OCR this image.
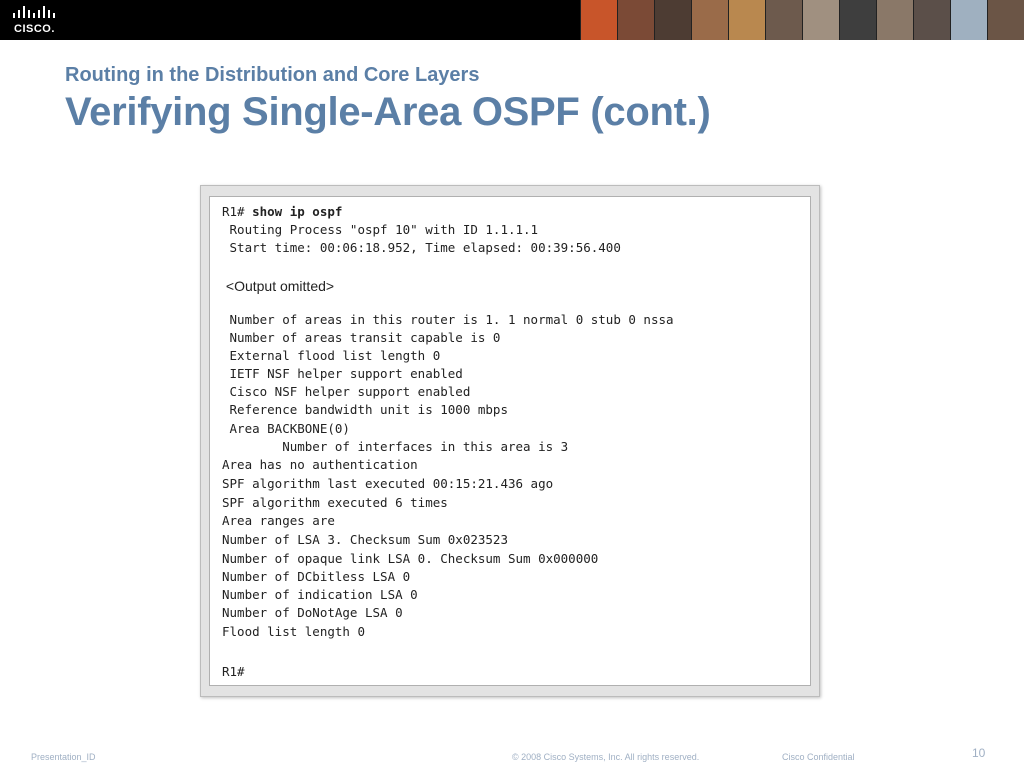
CISCO.
Routing in the Distribution and Core Layers
Verifying Single-Area OSPF (cont.)
R1# show ip ospf
R1#
Routing Process "ospf 10" with ID 1.1.1.1
Start time: 00:06:18.952, Time elapsed: 00:39:56.400
<Output omitted>
Number of areas in this router is 1. 1 normal 0 stub 0 nssa
Number of areas transit capable is 0
External flood list length 0
IETF NSF helper support enabled
Cisco NSF helper support enabled
Reference bandwidth unit is 1000 mbps
Area BACKBONE(0)
Number of interfaces in this area is 3
Area has no authentication
SPF algorithm last executed 00:15:21.436 ago
SPF algorithm executed 6 times
Area ranges are
Number of LSA 3. Checksum Sum 0x023523
Number of opaque link LSA 0. Checksum Sum 0x000000
Number of DCbitless LSA 0
Number of indication LSA 0
Number of DoNotAge LSA 0
Flood list length 0
Presentation_ID	© 2008 Cisco Systems, Inc. All rights reserved.	Cisco Confidential	10
